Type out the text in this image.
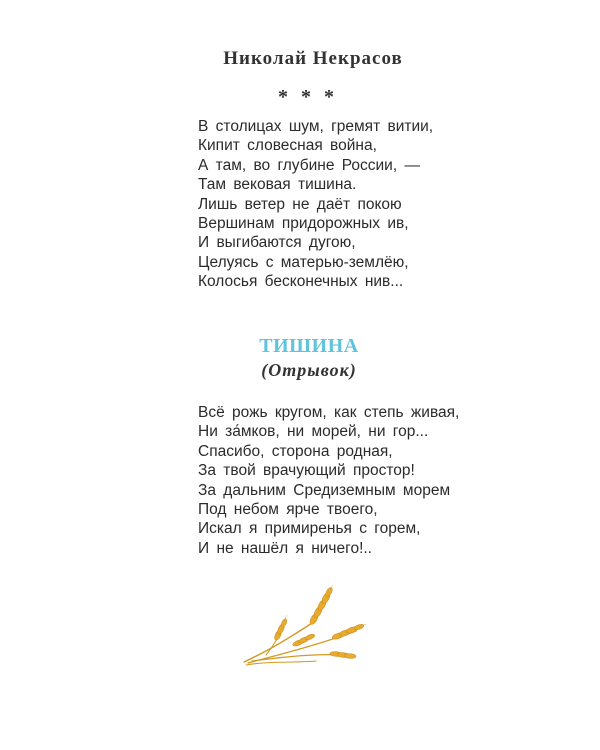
Николай Некрасов
* * *
В столицах шум, гремят витии,
Кипит словесная война,
А там, во глубине России, —
Там вековая тишина.
Лишь ветер не даёт покою
Вершинам придорожных ив,
И выгибаются дугою,
Целуясь с матерью-землёю,
Колосья бесконечных нив...
ТИШИНА
(Отрывок)
Всё рожь кругом, как степь живая,
Ни за́мков, ни морей, ни гор...
Спасибо, сторона родная,
За твой врачующий простор!
За дальним Средиземным морем
Под небом ярче твоего,
Искал я примиренья с горем,
И не нашёл я ничего!..
